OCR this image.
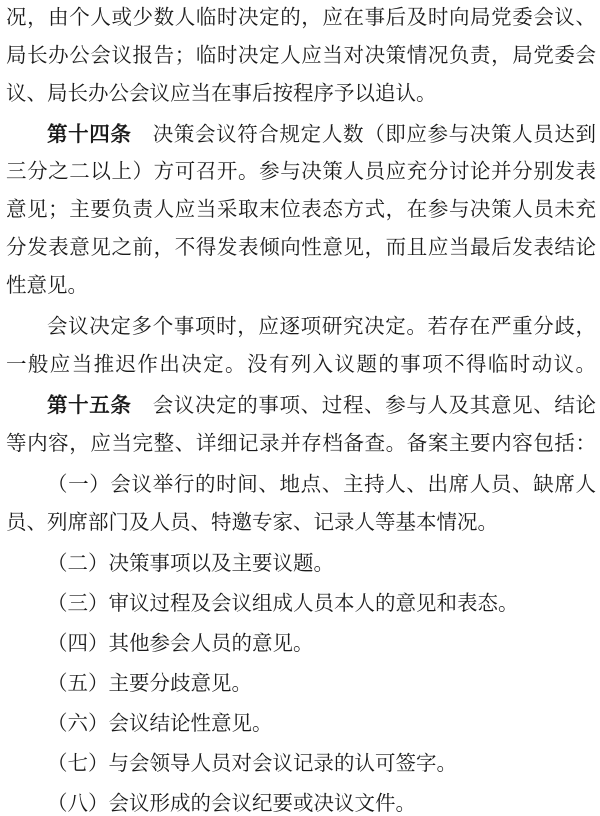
况，由个人或少数人临时决定的，应在事后及时向局党委会议、
局长办公会议报告；临时决定人应当对决策情况负责，局党委会
议、局长办公会议应当在事后按程序予以追认。
第十四条　决策会议符合规定人数（即应参与决策人员达到
三分之二以上）方可召开。参与决策人员应充分讨论并分别发表
意见；主要负责人应当采取末位表态方式，在参与决策人员未充
分发表意见之前，不得发表倾向性意见，而且应当最后发表结论
性意见。
会议决定多个事项时，应逐项研究决定。若存在严重分歧，
一般应当推迟作出决定。没有列入议题的事项不得临时动议。
第十五条　会议决定的事项、过程、参与人及其意见、结论
等内容，应当完整、详细记录并存档备查。备案主要内容包括：
（一）会议举行的时间、地点、主持人、出席人员、缺席人
员、列席部门及人员、特邀专家、记录人等基本情况。
（二）决策事项以及主要议题。
（三）审议过程及会议组成人员本人的意见和表态。
（四）其他参会人员的意见。
（五）主要分歧意见。
（六）会议结论性意见。
（七）与会领导人员对会议记录的认可签字。
（八）会议形成的会议纪要或决议文件。
